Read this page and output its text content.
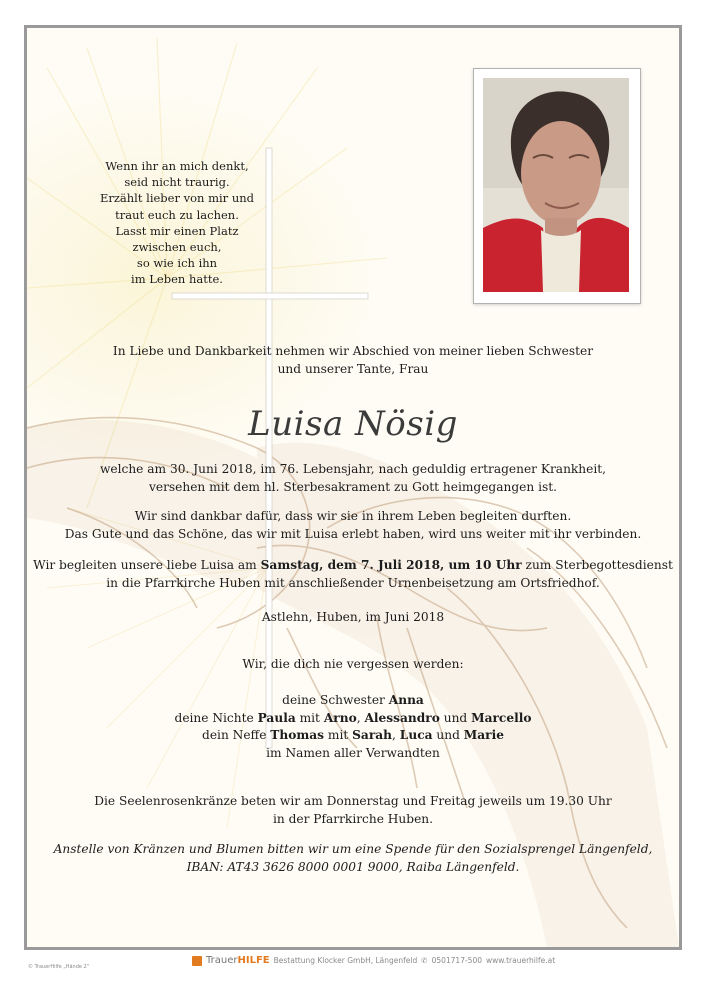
Wenn ihr an mich denkt,
seid nicht traurig.
Erzählt lieber von mir und
traut euch zu lachen.
Lasst mir einen Platz
zwischen euch,
so wie ich ihn
im Leben hatte.
In Liebe und Dankbarkeit nehmen wir Abschied von meiner lieben Schwester
und unserer Tante, Frau
Luisa Nösig
welche am 30. Juni 2018, im 76. Lebensjahr, nach geduldig ertragener Krankheit,
versehen mit dem hl. Sterbesakrament zu Gott heimgegangen ist.
Wir sind dankbar dafür, dass wir sie in ihrem Leben begleiten durften.
Das Gute und das Schöne, das wir mit Luisa erlebt haben, wird uns weiter mit ihr verbinden.
Wir begleiten unsere liebe Luisa am Samstag, dem 7. Juli 2018, um 10 Uhr zum Sterbegottesdienst
in die Pfarrkirche Huben mit anschließender Urnenbeisetzung am Ortsfriedhof.
Astlehn, Huben, im Juni 2018
Wir, die dich nie vergessen werden:
deine Schwester Anna
deine Nichte Paula mit Arno, Alessandro und Marcello
dein Neffe Thomas mit Sarah, Luca und Marie
im Namen aller Verwandten
Die Seelenrosenkränze beten wir am Donnerstag und Freitag jeweils um 19.30 Uhr
in der Pfarrkirche Huben.
Anstelle von Kränzen und Blumen bitten wir um eine Spende für den Sozialsprengel Längenfeld,
IBAN: AT43 3626 8000 0001 9000, Raiba Längenfeld.
© TrauerHilfe „Hände 2"
TrauerHILFE Bestattung Klocker GmbH, Längenfeld ✆ 0501717-500 www.trauerhilfe.at
